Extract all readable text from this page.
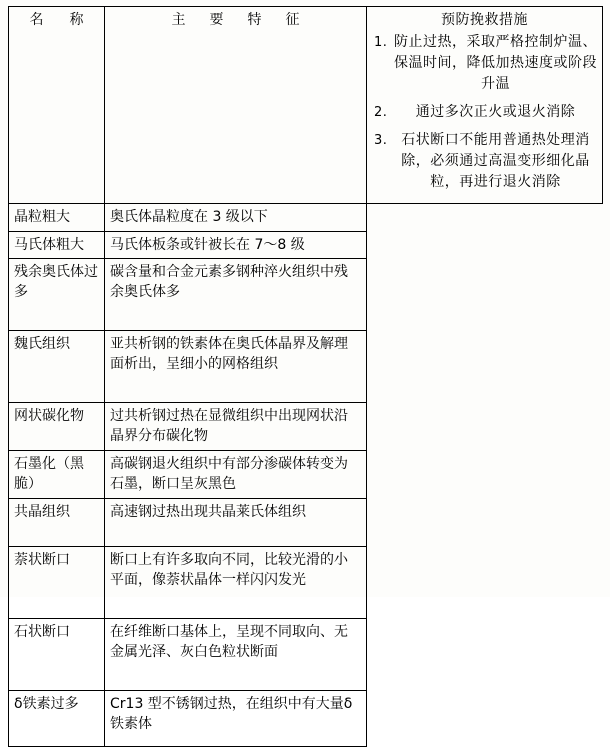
名　称	主　要　特　征	预防挽救措施
1. 防止过热，采取严格控制炉温、保温时间，降低加热速度或阶段升温
2. 通过多次正火或退火消除
3. 石状断口不能用普通热处理消除，必须通过高温变形细化晶粒，再进行退火消除

晶粒粗大	奥氏体晶粒度在 3 级以下	
马氏体粗大	马氏体板条或针被长在 7～8 级	
残余奥氏体过多	碳含量和合金元素多钢种淬火组织中残余奥氏体多	
魏氏组织	亚共析钢的铁素体在奥氏体晶界及解理面析出，呈细小的网格组织	
网状碳化物	过共析钢过热在显微组织中出现网状沿晶界分布碳化物	
石墨化（黑脆）	高碳钢退火组织中有部分渗碳体转变为石墨，断口呈灰黑色	
共晶组织	高速钢过热出现共晶莱氏体组织	
萘状断口	断口上有许多取向不同，比较光滑的小平面，像萘状晶体一样闪闪发光	
石状断口	在纤维断口基体上，呈现不同取向、无金属光泽、灰白色粒状断面	
δ铁素过多	Cr13 型不锈钢过热，在组织中有大量δ铁素体	
